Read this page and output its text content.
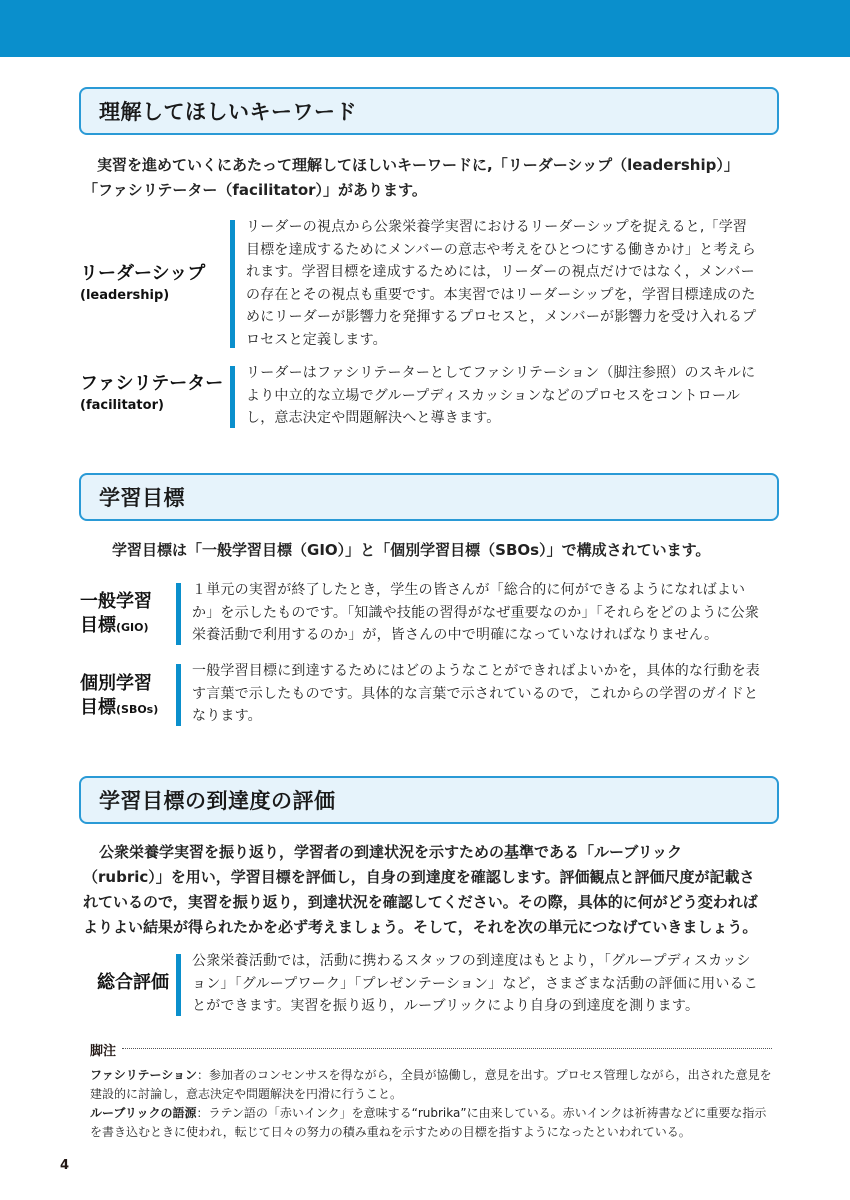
理解してほしいキーワード
実習を進めていくにあたって理解してほしいキーワードに,「リーダーシップ（leadership）」
「ファシリテーター（facilitator）」があります。
リーダーシップ
(leadership)
リーダーの視点から公衆栄養学実習におけるリーダーシップを捉えると,「学習目標を達成するためにメンバーの意志や考えをひとつにする働きかけ」と考えられます。学習目標を達成するためには，リーダーの視点だけではなく，メンバーの存在とその視点も重要です。本実習ではリーダーシップを，学習目標達成のためにリーダーが影響力を発揮するプロセスと，メンバーが影響力を受け入れるプロセスと定義します。
ファシリテーター
(facilitator)
リーダーはファシリテーターとしてファシリテーション（脚注参照）のスキルにより中立的な立場でグループディスカッションなどのプロセスをコントロールし，意志決定や問題解決へと導きます。
学習目標
学習目標は「一般学習目標（GIO）」と「個別学習目標（SBOs）」で構成されています。
一般学習
目標(GIO)
１単元の実習が終了したとき，学生の皆さんが「総合的に何ができるようになればよいか」を示したものです。「知識や技能の習得がなぜ重要なのか」「それらをどのように公衆栄養活動で利用するのか」が，皆さんの中で明確になっていなければなりません。
個別学習
目標(SBOs)
一般学習目標に到達するためにはどのようなことができればよいかを，具体的な行動を表す言葉で示したものです。具体的な言葉で示されているので，これからの学習のガイドとなります。
学習目標の到達度の評価
公衆栄養学実習を振り返り，学習者の到達状況を示すための基準である「ルーブリック（rubric）」を用い，学習目標を評価し，自身の到達度を確認します。評価観点と評価尺度が記載されているので，実習を振り返り，到達状況を確認してください。その際，具体的に何がどう変わればよりよい結果が得られたかを必ず考えましょう。そして，それを次の単元につなげていきましょう。
総合評価
公衆栄養活動では，活動に携わるスタッフの到達度はもとより，「グループディスカッション」「グループワーク」「プレゼンテーション」など，さまざまな活動の評価に用いることができます。実習を振り返り，ルーブリックにより自身の到達度を測ります。
脚注
ファシリテーション：参加者のコンセンサスを得ながら，全員が協働し，意見を出す。プロセス管理しながら，出された意見を建設的に討論し，意志決定や問題解決を円滑に行うこと。
ルーブリックの語源：ラテン語の「赤いインク」を意味する“rubrika”に由来している。赤いインクは祈祷書などに重要な指示を書き込むときに使われ，転じて日々の努力の積み重ねを示すための目標を指すようになったといわれている。
4
